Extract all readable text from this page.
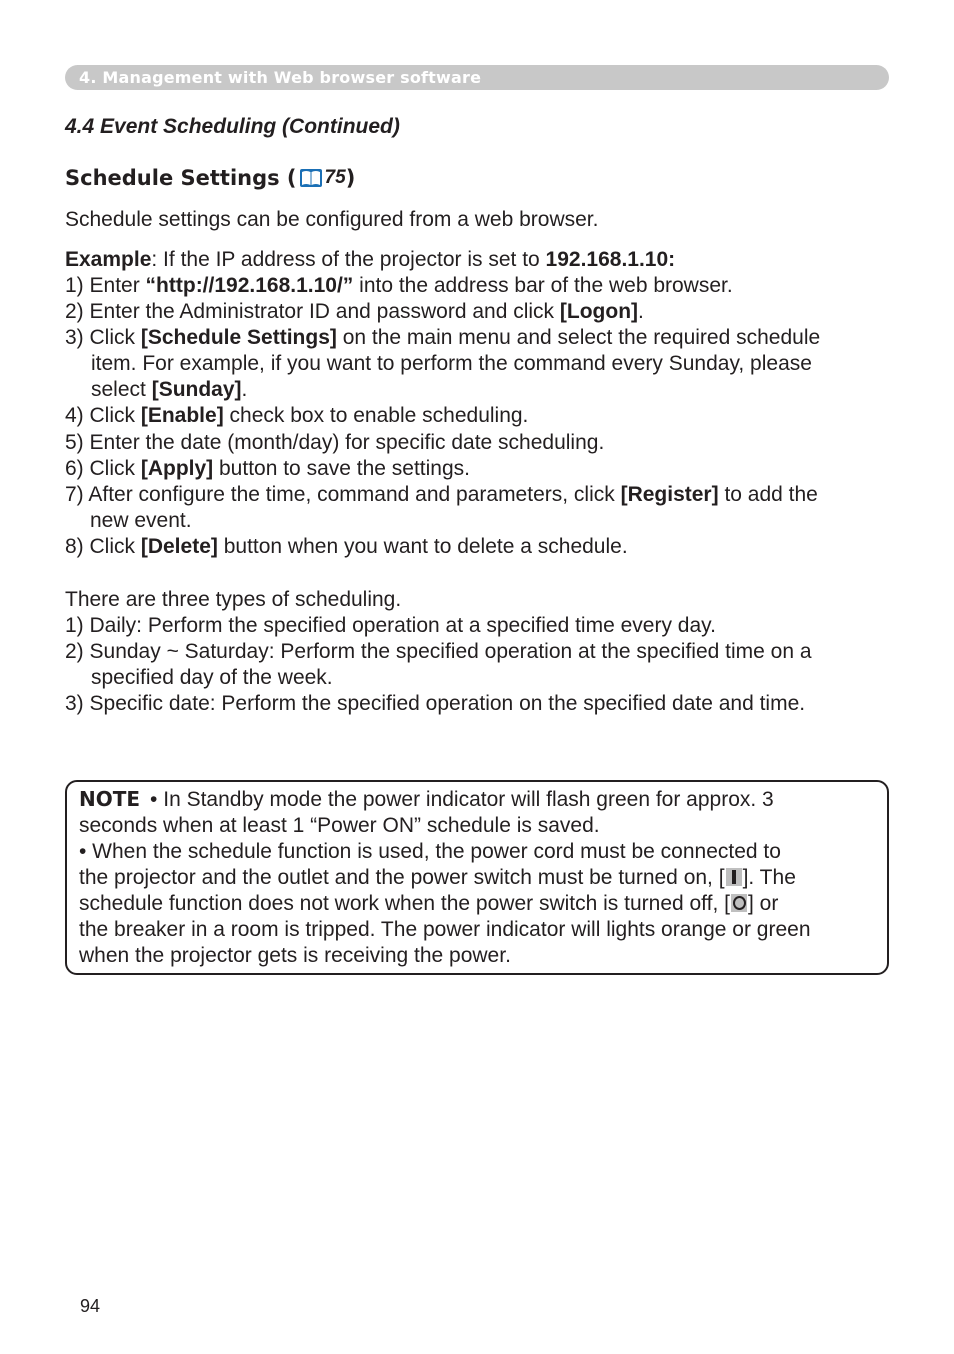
4. Management with Web browser software
4.4 Event Scheduling (Continued)
Schedule Settings ( 75 )
Schedule settings can be configured from a web browser.
Example: If the IP address of the projector is set to 192.168.1.10:
1) Enter “http://192.168.1.10/” into the address bar of the web browser.
2) Enter the Administrator ID and password and click [Logon].
3) Click [Schedule Settings] on the main menu and select the required schedule
item. For example, if you want to perform the command every Sunday, please
select [Sunday].
4) Click [Enable] check box to enable scheduling.
5) Enter the date (month/day) for specific date scheduling.
6) Click [Apply] button to save the settings.
7) After configure the time, command and parameters, click [Register] to add the
new event.
8) Click [Delete] button when you want to delete a schedule.
There are three types of scheduling.
1) Daily: Perform the specified operation at a specified time every day.
2) Sunday ~ Saturday: Perform the specified operation at the specified time on a
specified day of the week.
3) Specific date: Perform the specified operation on the specified date and time.
NOTE • In Standby mode the power indicator will flash green for approx. 3
seconds when at least 1 “Power ON” schedule is saved.
• When the schedule function is used, the power cord must be connected to
the projector and the outlet and the power switch must be turned on, [ ]. The
schedule function does not work when the power switch is turned off, [ ] or
the breaker in a room is tripped. The power indicator will lights orange or green
when the projector gets is receiving the power.
94
